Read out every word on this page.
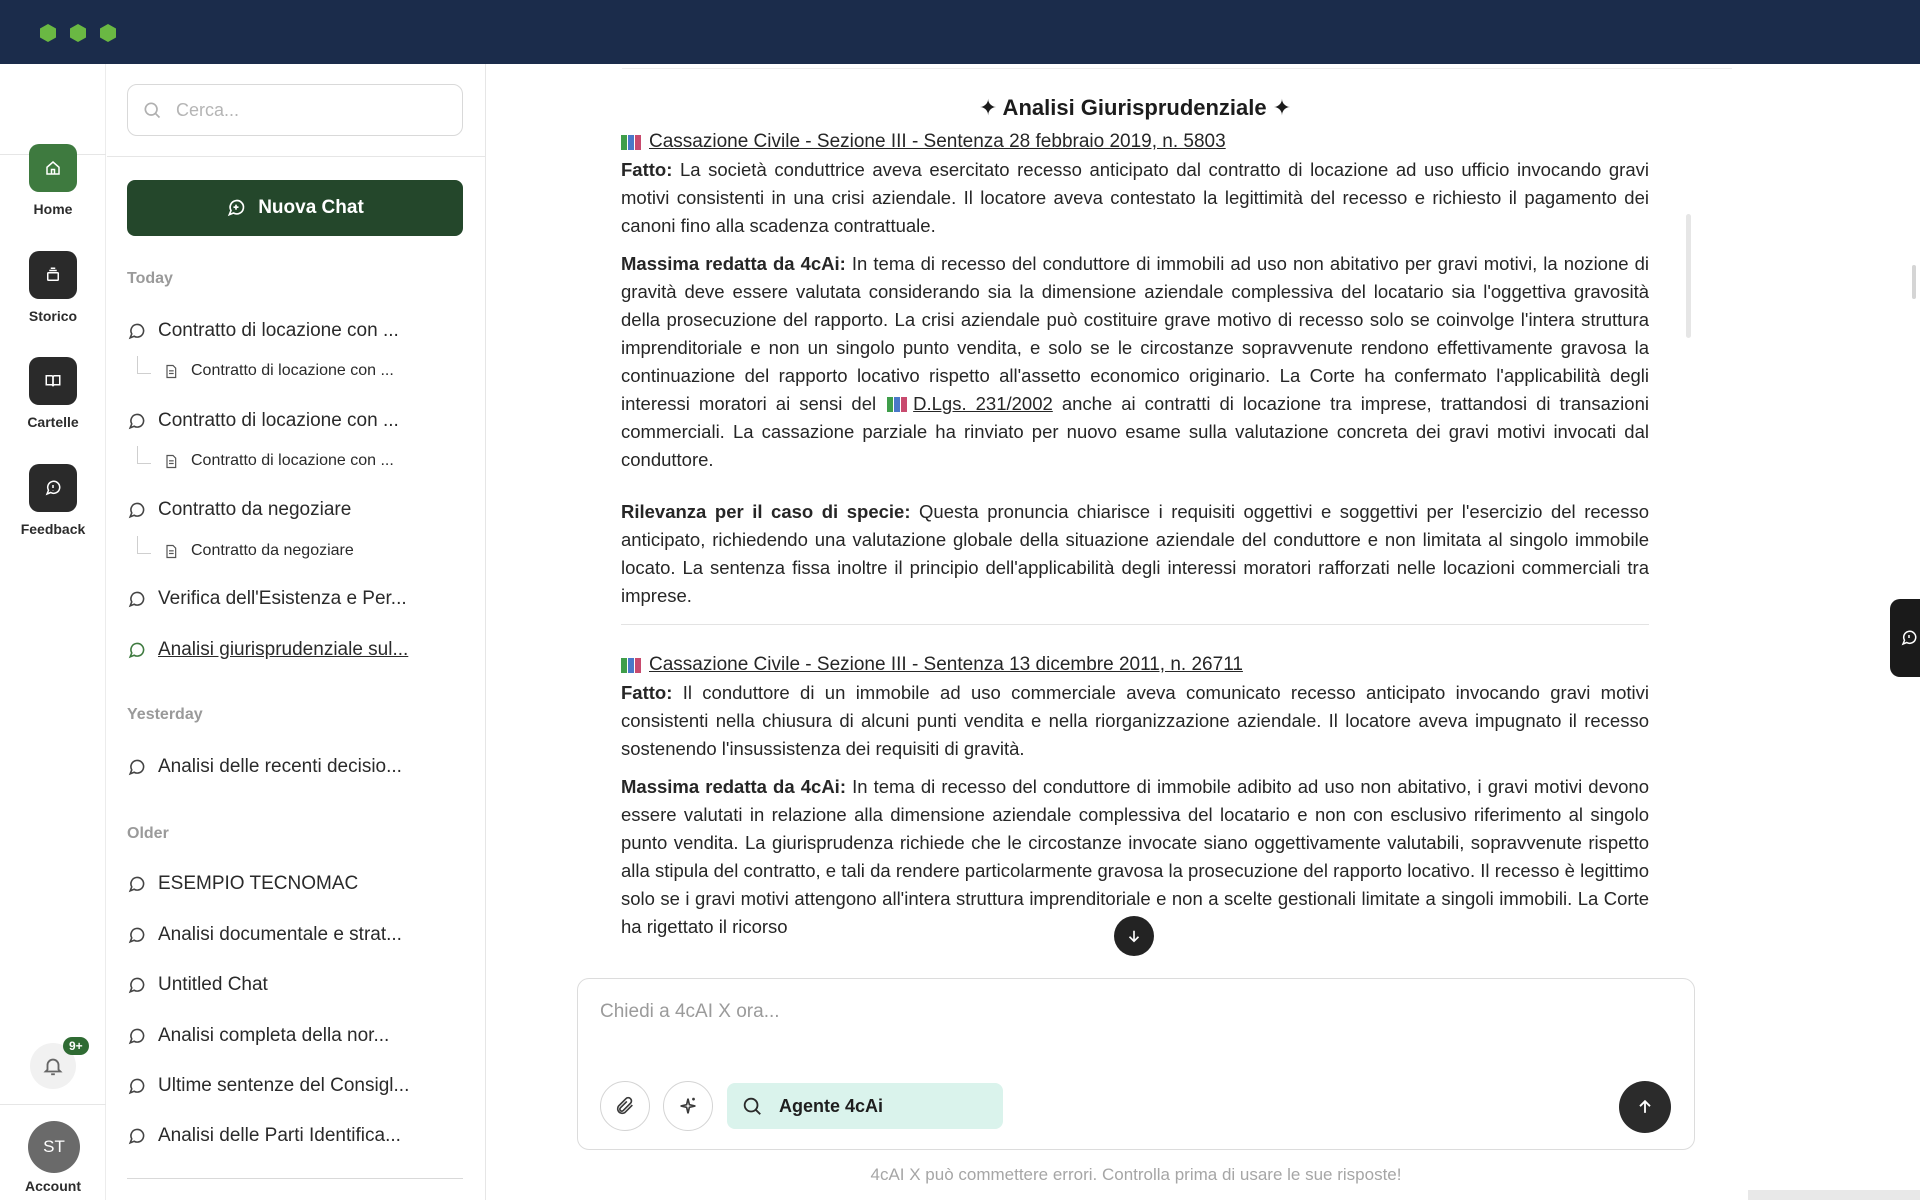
Home
Storico
Cartelle
Feedback
9+
ST
Account
Cerca...
Nuova Chat
Today
Contratto di locazione con ...
Contratto di locazione con ...
Contratto di locazione con ...
Contratto di locazione con ...
Contratto da negoziare
Contratto da negoziare
Verifica dell'Esistenza e Per...
Analisi giurisprudenziale sul...
Yesterday
Analisi delle recenti decisio...
Older
ESEMPIO TECNOMAC
Analisi documentale e strat...
Untitled Chat
Analisi completa della nor...
Ultime sentenze del Consigl...
Analisi delle Parti Identifica...
✦ Analisi Giurisprudenziale ✦
Cassazione Civile - Sezione III - Sentenza 28 febbraio 2019, n. 5803
Fatto: La società conduttrice aveva esercitato recesso anticipato dal contratto di locazione ad uso ufficio invocando gravi motivi consistenti in una crisi aziendale. Il locatore aveva contestato la legittimità del recesso e richiesto il pagamento dei canoni fino alla scadenza contrattuale.
Massima redatta da 4cAi: In tema di recesso del conduttore di immobili ad uso non abitativo per gravi motivi, la nozione di gravità deve essere valutata considerando sia la dimensione aziendale complessiva del locatario sia l'oggettiva gravosità della prosecuzione del rapporto. La crisi aziendale può costituire grave motivo di recesso solo se coinvolge l'intera struttura imprenditoriale e non un singolo punto vendita, e solo se le circostanze sopravvenute rendono effettivamente gravosa la continuazione del rapporto locativo rispetto all'assetto economico originario. La Corte ha confermato l'applicabilità degli interessi moratori ai sensi del D.Lgs. 231/2002 anche ai contratti di locazione tra imprese, trattandosi di transazioni commerciali. La cassazione parziale ha rinviato per nuovo esame sulla valutazione concreta dei gravi motivi invocati dal conduttore.
Rilevanza per il caso di specie: Questa pronuncia chiarisce i requisiti oggettivi e soggettivi per l'esercizio del recesso anticipato, richiedendo una valutazione globale della situazione aziendale del conduttore e non limitata al singolo immobile locato. La sentenza fissa inoltre il principio dell'applicabilità degli interessi moratori rafforzati nelle locazioni commerciali tra imprese.
Cassazione Civile - Sezione III - Sentenza 13 dicembre 2011, n. 26711
Fatto: Il conduttore di un immobile ad uso commerciale aveva comunicato recesso anticipato invocando gravi motivi consistenti nella chiusura di alcuni punti vendita e nella riorganizzazione aziendale. Il locatore aveva impugnato il recesso sostenendo l'insussistenza dei requisiti di gravità.
Massima redatta da 4cAi: In tema di recesso del conduttore di immobile adibito ad uso non abitativo, i gravi motivi devono essere valutati in relazione alla dimensione aziendale complessiva del locatario e non con esclusivo riferimento al singolo punto vendita. La giurisprudenza richiede che le circostanze invocate siano oggettivamente valutabili, sopravvenute rispetto alla stipula del contratto, e tali da rendere particolarmente gravosa la prosecuzione del rapporto locativo. Il recesso è legittimo solo se i gravi motivi attengono all'intera struttura imprenditoriale e non a scelte gestionali limitate a singoli immobili. La Corte ha rigettato il ricorso
Chiedi a 4cAI X ora...
Agente 4cAi
4cAI X può commettere errori. Controlla prima di usare le sue risposte!
